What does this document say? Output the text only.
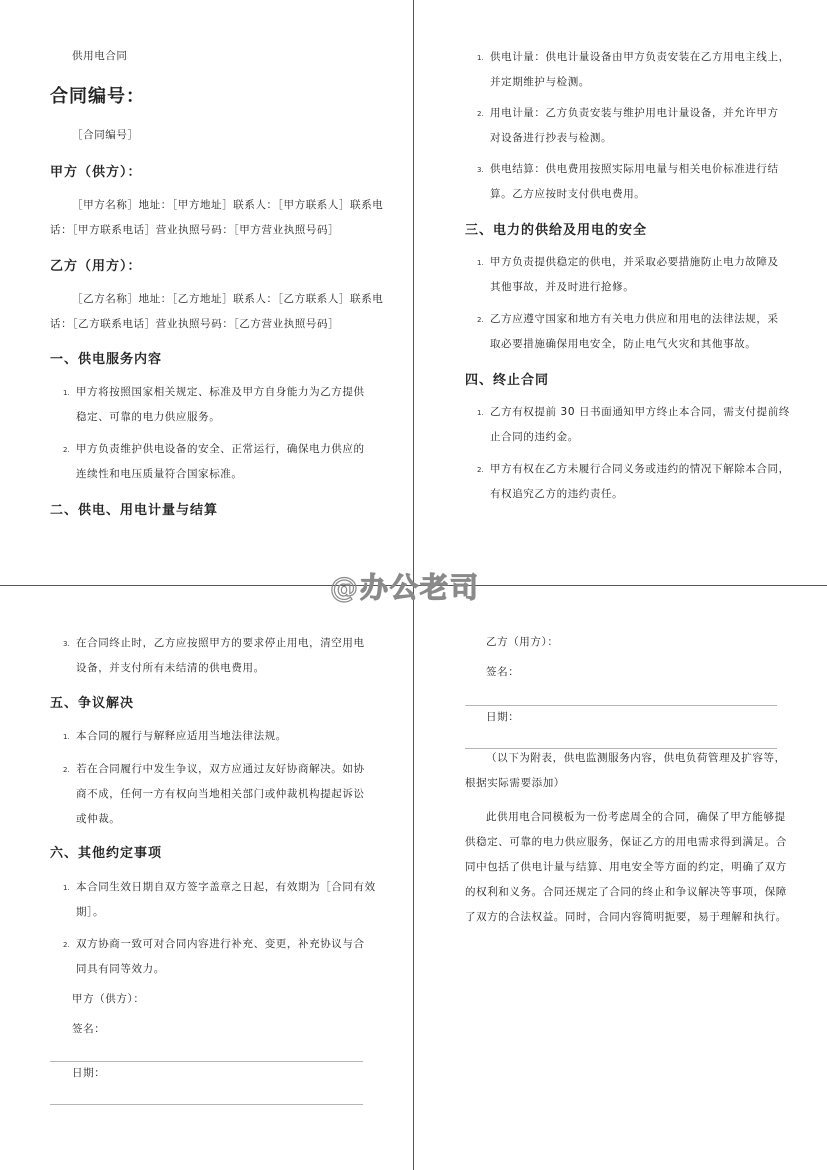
供用电合同
合同编号：
［合同编号］
甲方（供方）：
［甲方名称］地址：［甲方地址］联系人：［甲方联系人］联系电
话：［甲方联系电话］营业执照号码：［甲方营业执照号码］
乙方（用方）：
［乙方名称］地址：［乙方地址］联系人：［乙方联系人］联系电
话：［乙方联系电话］营业执照号码：［乙方营业执照号码］
一、供电服务内容
1. 甲方将按照国家相关规定、标准及甲方自身能力为乙方提供
稳定、可靠的电力供应服务。
2. 甲方负责维护供电设备的安全、正常运行，确保电力供应的
连续性和电压质量符合国家标准。
二、供电、用电计量与结算
1. 供电计量：供电计量设备由甲方负责安装在乙方用电主线上，
并定期维护与检测。
2. 用电计量：乙方负责安装与维护用电计量设备，并允许甲方
对设备进行抄表与检测。
3. 供电结算：供电费用按照实际用电量与相关电价标准进行结
算。乙方应按时支付供电费用。
三、电力的供给及用电的安全
1. 甲方负责提供稳定的供电，并采取必要措施防止电力故障及
其他事故，并及时进行抢修。
2. 乙方应遵守国家和地方有关电力供应和用电的法律法规，采
取必要措施确保用电安全，防止电气火灾和其他事故。
四、终止合同
1. 乙方有权提前 30 日书面通知甲方终止本合同，需支付提前终
止合同的违约金。
2. 甲方有权在乙方未履行合同义务或违约的情况下解除本合同，
有权追究乙方的违约责任。
3. 在合同终止时，乙方应按照甲方的要求停止用电，清空用电
设备，并支付所有未结清的供电费用。
五、争议解决
1. 本合同的履行与解释应适用当地法律法规。
2. 若在合同履行中发生争议，双方应通过友好协商解决。如协
商不成，任何一方有权向当地相关部门或仲裁机构提起诉讼
或仲裁。
六、其他约定事项
1. 本合同生效日期自双方签字盖章之日起，有效期为［合同有效
期］。
2. 双方协商一致可对合同内容进行补充、变更，补充协议与合
同具有同等效力。
甲方（供方）：
签名：
日期：
乙方（用方）：
签名：
日期：
（以下为附表，供电监测服务内容，供电负荷管理及扩容等，
根据实际需要添加）
此供用电合同模板为一份考虑周全的合同，确保了甲方能够提
供稳定、可靠的电力供应服务，保证乙方的用电需求得到满足。合
同中包括了供电计量与结算、用电安全等方面的约定，明确了双方
的权利和义务。合同还规定了合同的终止和争议解决等事项，保障
了双方的合法权益。同时，合同内容简明扼要，易于理解和执行。
@办公老司
